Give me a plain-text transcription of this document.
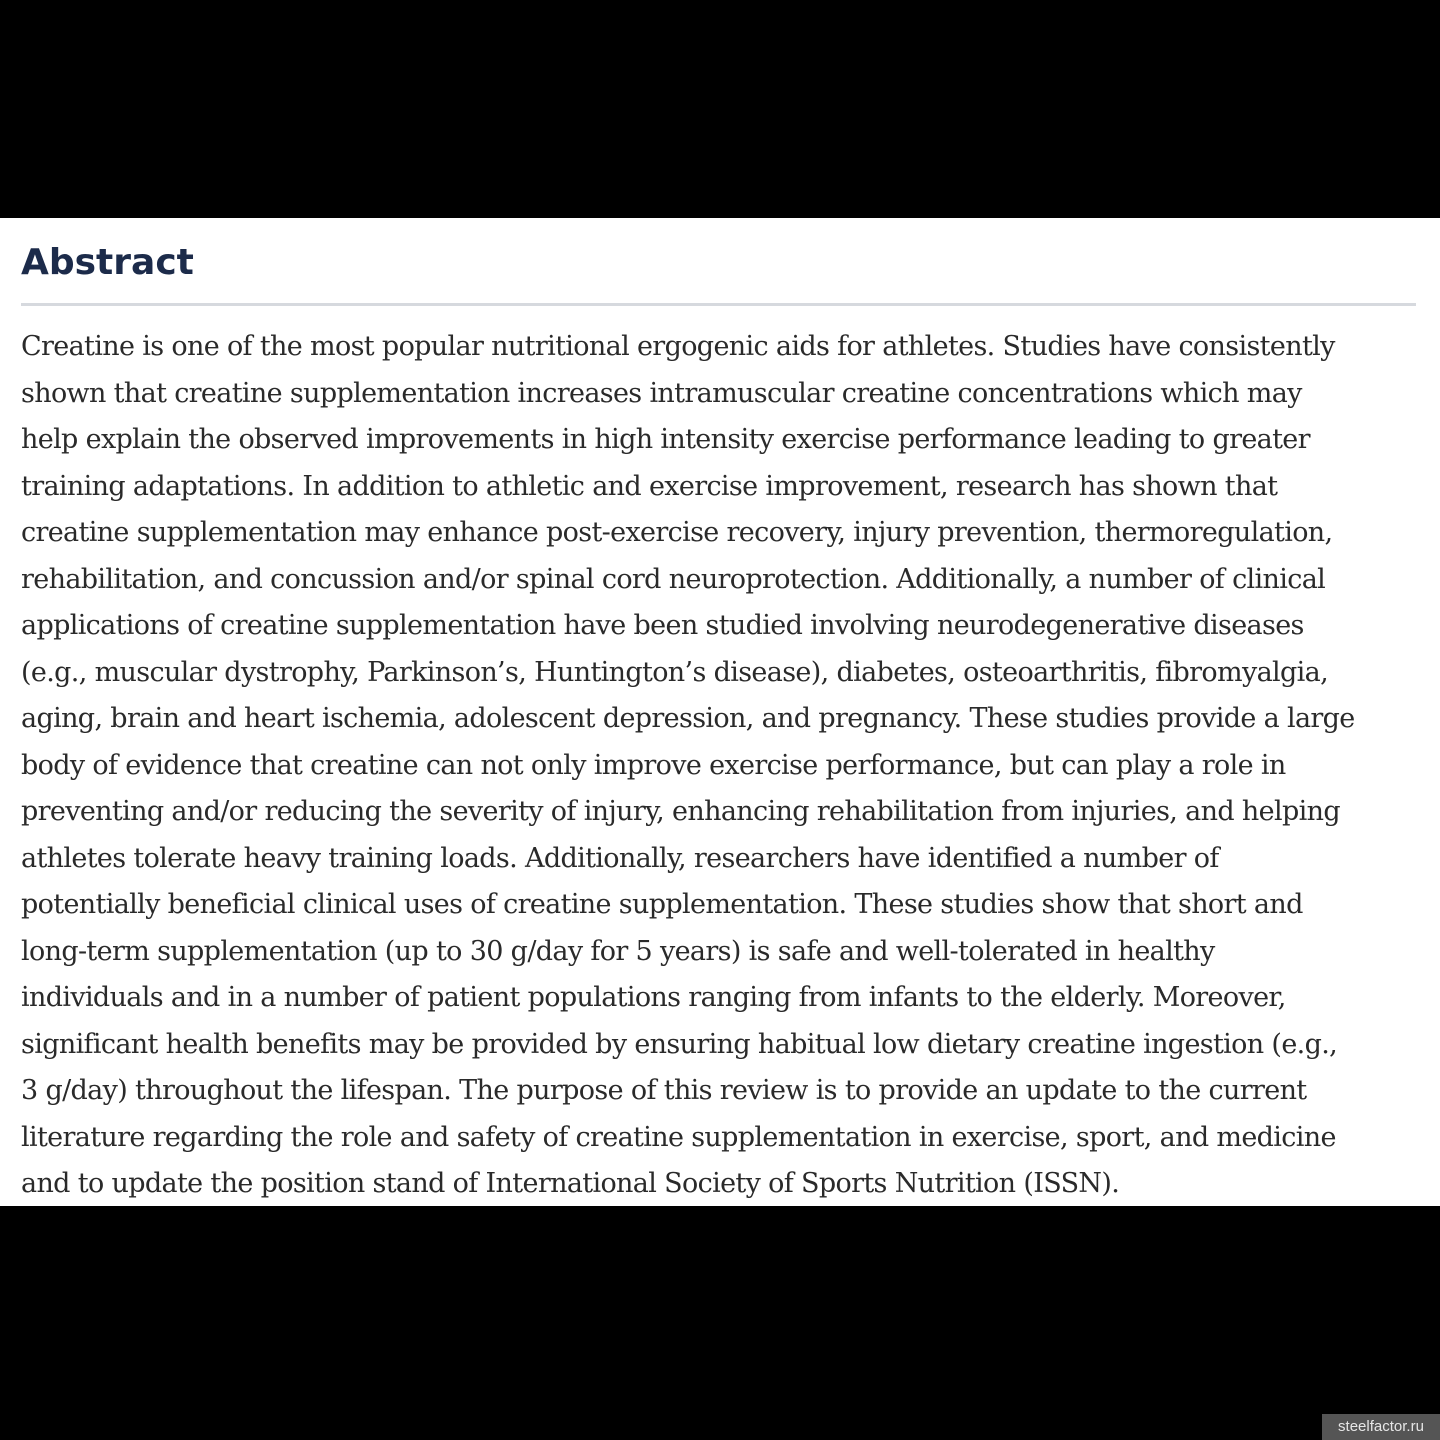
Abstract

Creatine is one of the most popular nutritional ergogenic aids for athletes. Studies have consistently
shown that creatine supplementation increases intramuscular creatine concentrations which may
help explain the observed improvements in high intensity exercise performance leading to greater
training adaptations. In addition to athletic and exercise improvement, research has shown that
creatine supplementation may enhance post-exercise recovery, injury prevention, thermoregulation,
rehabilitation, and concussion and/or spinal cord neuroprotection. Additionally, a number of clinical
applications of creatine supplementation have been studied involving neurodegenerative diseases
(e.g., muscular dystrophy, Parkinson’s, Huntington’s disease), diabetes, osteoarthritis, fibromyalgia,
aging, brain and heart ischemia, adolescent depression, and pregnancy. These studies provide a large
body of evidence that creatine can not only improve exercise performance, but can play a role in
preventing and/or reducing the severity of injury, enhancing rehabilitation from injuries, and helping
athletes tolerate heavy training loads. Additionally, researchers have identified a number of
potentially beneficial clinical uses of creatine supplementation. These studies show that short and
long-term supplementation (up to 30 g/day for 5 years) is safe and well-tolerated in healthy
individuals and in a number of patient populations ranging from infants to the elderly. Moreover,
significant health benefits may be provided by ensuring habitual low dietary creatine ingestion (e.g.,
3 g/day) throughout the lifespan. The purpose of this review is to provide an update to the current
literature regarding the role and safety of creatine supplementation in exercise, sport, and medicine
and to update the position stand of International Society of Sports Nutrition (ISSN).

steelfactor.ru
